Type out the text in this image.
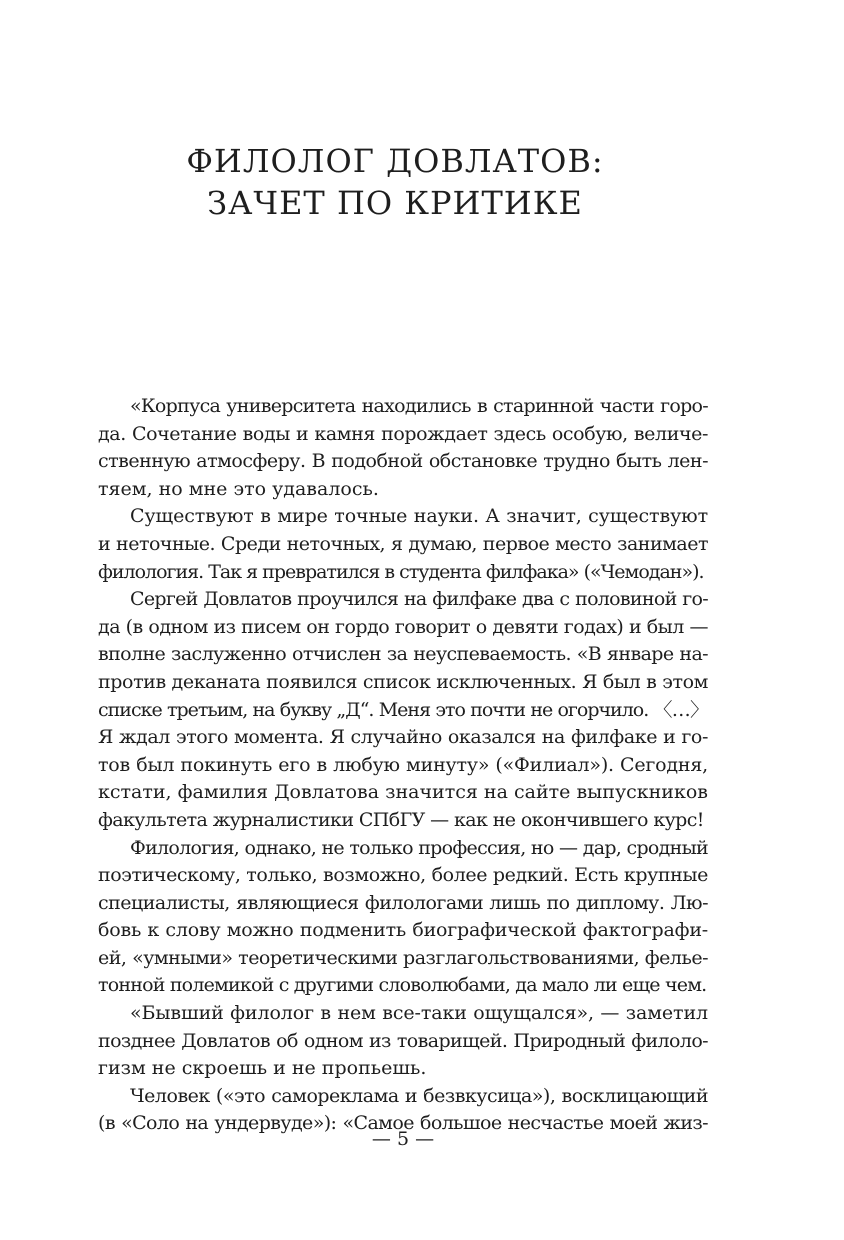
ФИЛОЛОГ ДОВЛАТОВ:
ЗАЧЕТ ПО КРИТИКЕ
«Корпуса университета находились в старинной части горо-
да. Сочетание воды и камня порождает здесь особую, величе-
ственную атмосферу. В подобной обстановке трудно быть лен-
тяем, но мне это удавалось.
Существуют в мире точные науки. А значит, существуют
и неточные. Среди неточных, я думаю, первое место занимает
филология. Так я превратился в студента филфака» («Чемодан»).
Сергей Довлатов проучился на филфаке два с половиной го-
да (в одном из писем он гордо говорит о девяти годах) и был —
вполне заслуженно отчислен за неуспеваемость. «В январе на-
против деканата появился список исключенных. Я был в этом
списке третьим, на букву „Д“. Меня это почти не огорчило. 〈…〉
Я ждал этого момента. Я случайно оказался на филфаке и го-
тов был покинуть его в любую минуту» («Филиал»). Сегодня,
кстати, фамилия Довлатова значится на сайте выпускников
факультета журналистики СПбГУ — как не окончившего курс!
Филология, однако, не только профессия, но — дар, сродный
поэтическому, только, возможно, более редкий. Есть крупные
специалисты, являющиеся филологами лишь по диплому. Лю-
бовь к слову можно подменить биографической фактографи-
ей, «умными» теоретическими разглагольствованиями, фелье-
тонной полемикой с другими словолюбами, да мало ли еще чем.
«Бывший филолог в нем все-таки ощущался», — заметил
позднее Довлатов об одном из товарищей. Природный филоло-
гизм не скроешь и не пропьешь.
Человек («это самореклама и безвкусица»), восклицающий
(в «Соло на ундервуде»): «Самое большое несчастье моей жиз-
— 5 —
